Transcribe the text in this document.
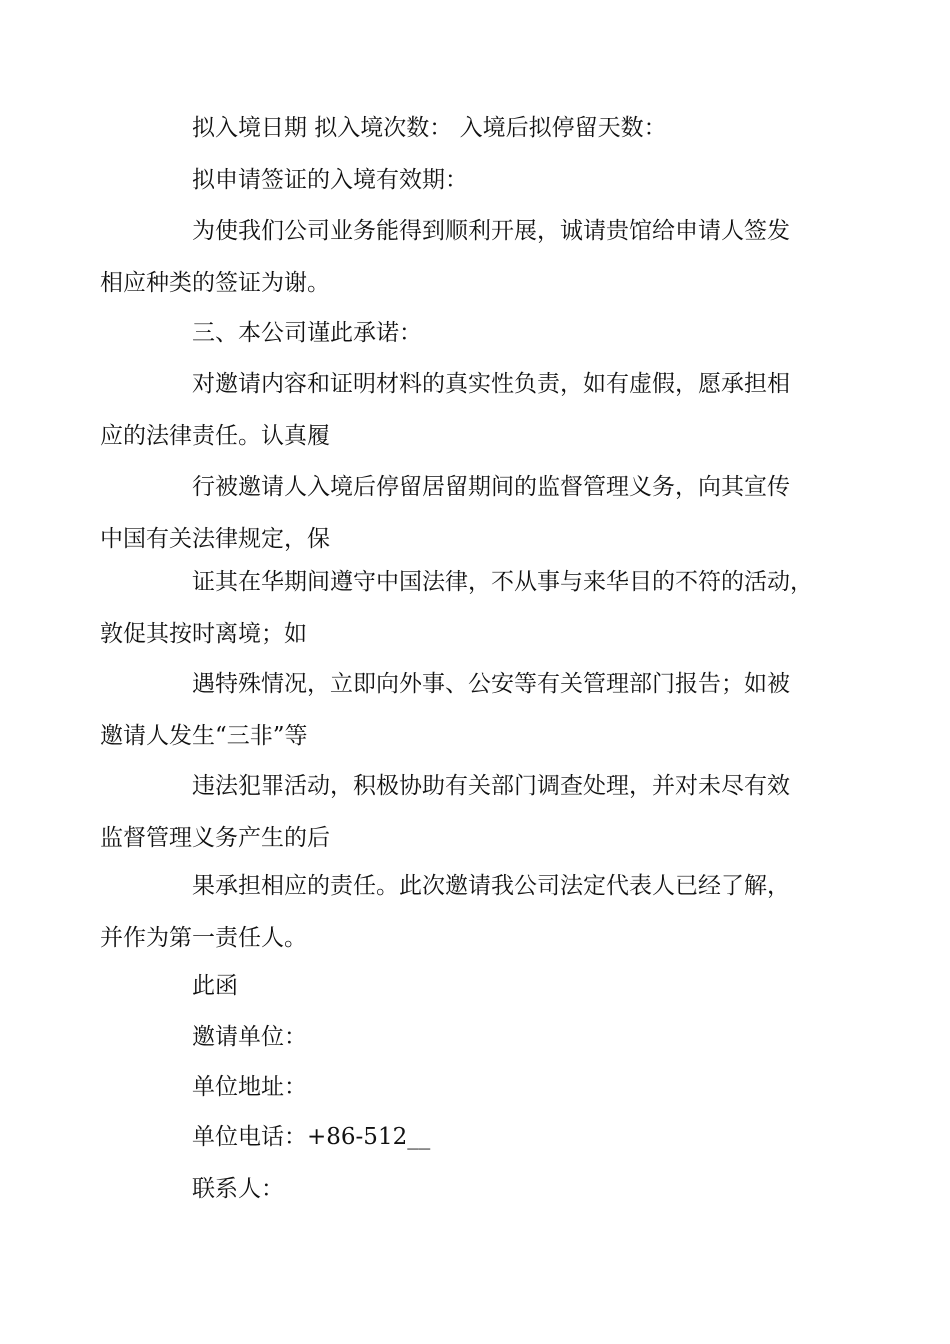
拟入境日期 拟入境次数： 入境后拟停留天数：

拟申请签证的入境有效期：

为使我们公司业务能得到顺利开展，诚请贵馆给申请人签发
相应种类的签证为谢。

三、本公司谨此承诺：

对邀请内容和证明材料的真实性负责，如有虚假，愿承担相
应的法律责任。认真履

行被邀请人入境后停留居留期间的监督管理义务，向其宣传
中国有关法律规定，保

证其在华期间遵守中国法律，不从事与来华目的不符的活动，
敦促其按时离境；如

遇特殊情况，立即向外事、公安等有关管理部门报告；如被
邀请人发生“三非”等

违法犯罪活动，积极协助有关部门调查处理，并对未尽有效
监督管理义务产生的后

果承担相应的责任。此次邀请我公司法定代表人已经了解，
并作为第一责任人。

此函

邀请单位：

单位地址：

单位电话：+86-512__

联系人：
